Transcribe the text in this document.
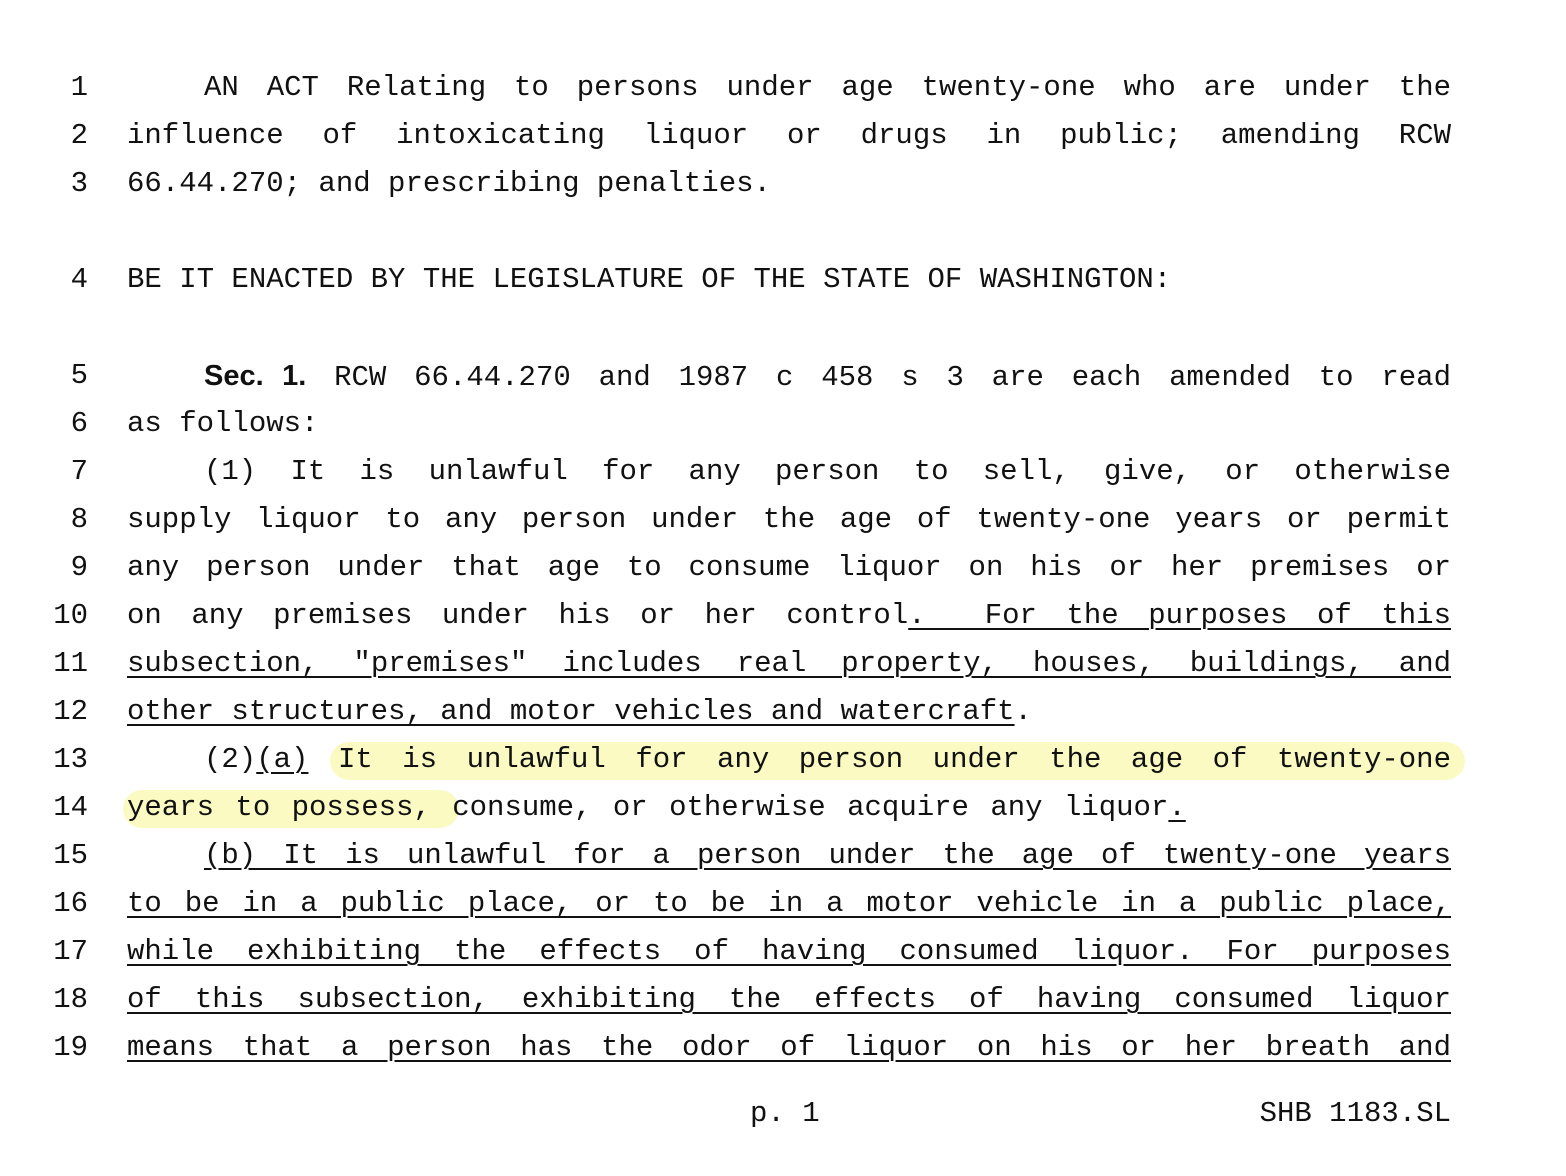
1	AN ACT Relating to persons under age twenty-one who are under the
2 influence of intoxicating liquor or drugs in public; amending RCW
3 66.44.270; and prescribing penalties.
4 BE IT ENACTED BY THE LEGISLATURE OF THE STATE OF WASHINGTON:
5	Sec. 1. RCW 66.44.270 and 1987 c 458 s 3 are each amended to read
6 as follows:
7	(1) It is unlawful for any person to sell, give, or otherwise
8 supply liquor to any person under the age of twenty-one years or permit
9 any person under that age to consume liquor on his or her premises or
10 on any premises under his or her control.  For the purposes of this
11 subsection, "premises" includes real property, houses, buildings, and
12 other structures, and motor vehicles and watercraft.
13	(2)(a) It is unlawful for any person under the age of twenty-one
14 years to possess, consume, or otherwise acquire any liquor.
15	(b) It is unlawful for a person under the age of twenty-one years
16 to be in a public place, or to be in a motor vehicle in a public place,
17 while exhibiting the effects of having consumed liquor. For purposes
18 of this subsection, exhibiting the effects of having consumed liquor
19 means that a person has the odor of liquor on his or her breath and
p. 1	SHB 1183.SL
